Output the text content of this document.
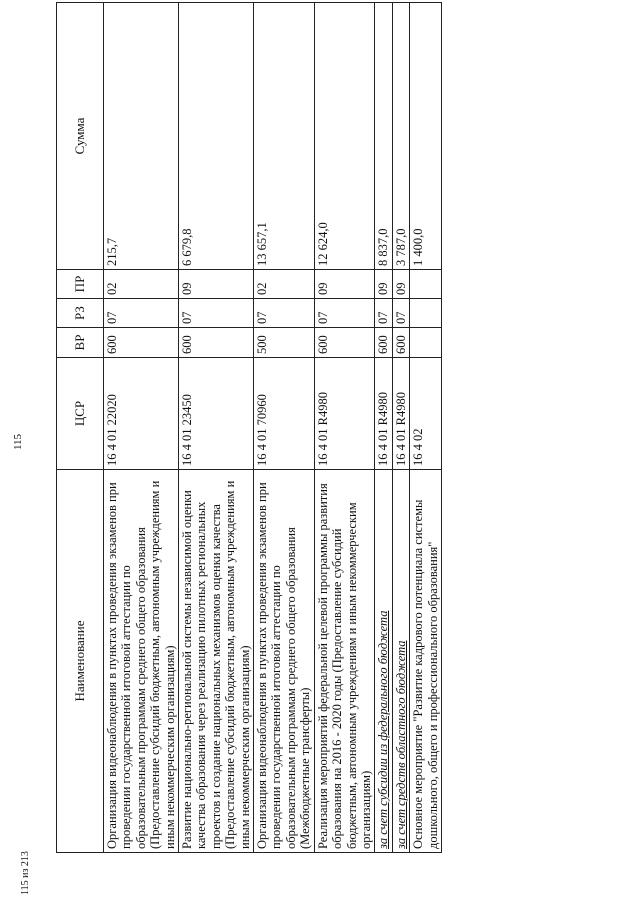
115
Наименование	ЦСР	ВР	РЗ	ПР	Сумма
Организация видеонаблюдения в пунктах проведения экзаменов при проведении государственной итоговой аттестации по образовательным программам среднего общего образования (Предоставление субсидий бюджетным, автономным учреждениям и иным некоммерческим организациям)	16 4 01 22020	600	07	02	215,7
Развитие национально-региональной системы независимой оценки качества образования через реализацию пилотных региональных проектов и создание национальных механизмов оценки качества (Предоставление субсидий бюджетным, автономным учреждениям и иным некоммерческим организациям)	16 4 01 23450	600	07	09	6 679,8
Организация видеонаблюдения в пунктах проведения экзаменов при проведении государственной итоговой аттестации по образовательным программам среднего общего образования (Межбюджетные трансферты)	16 4 01 70960	500	07	02	13 657,1
Реализация мероприятий федеральной целевой программы развития образования на 2016 - 2020 годы (Предоставление субсидий бюджетным, автономным учреждениям и иным некоммерческим организациям)	16 4 01 R4980	600	07	09	12 624,0
за счет субсидии из федерального бюджета	16 4 01 R4980	600	07	09	8 837,0
за счет средств областного бюджета	16 4 01 R4980	600	07	09	3 787,0
Основное мероприятие "Развитие кадрового потенциала системы дошкольного, общего и профессионального образования"	16 4 02				1 400,0
115 из 213
